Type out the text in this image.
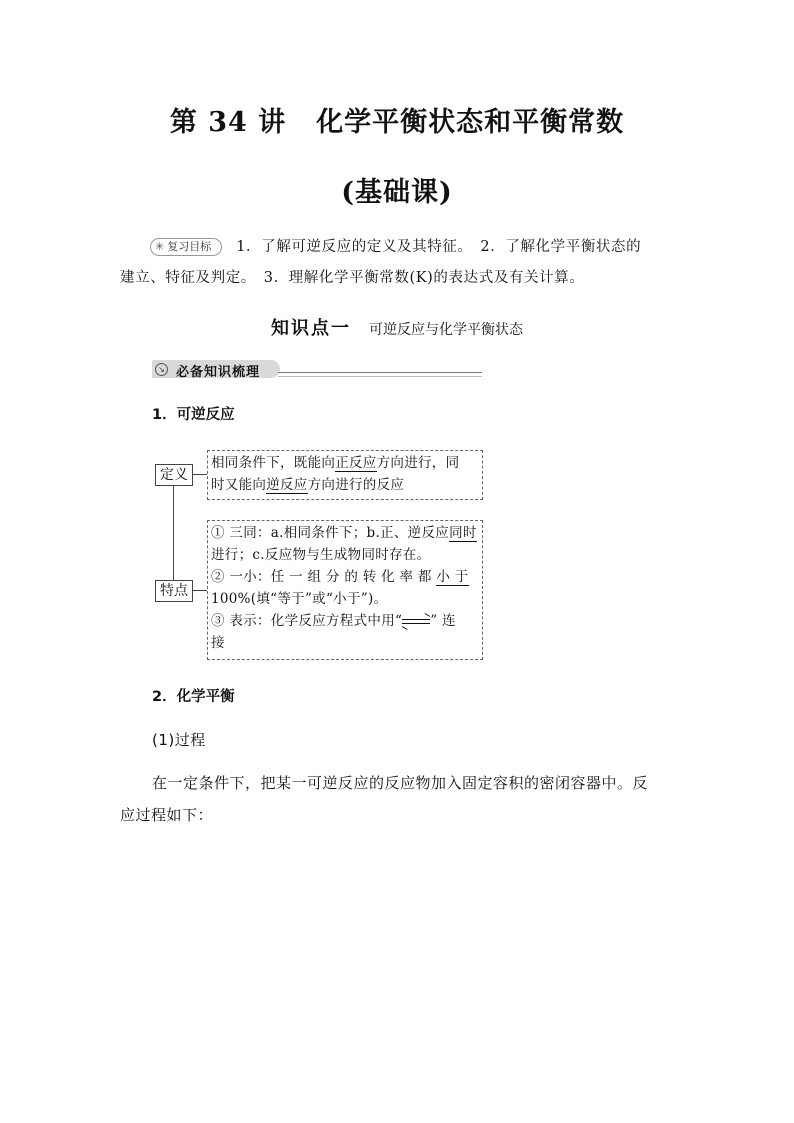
第 34 讲 化学平衡状态和平衡常数
(基础课)
✳ 复习目标 1．了解可逆反应的定义及其特征。　 2．了解化学平衡状态的
建立、特征及判定。　3．理解化学平衡常数(K)的表达式及有关计算。
知识点一 可逆反应与化学平衡状态
↘ 必备知识梳理
1．可逆反应
定义
相同条件下，既能向正反应方向进行，同
时又能向逆反应方向进行的反应
特点
① 三同：a.相同条件下；b.正、逆反应同时
进行；c.反应物与生成物同时存在。
② 一小：任 一 组 分 的 转 化 率 都 小 于
100%(填“等于”或“小于”)。
③ 表示：化学反应方程式中用“ ” 连
接
2．化学平衡
(1)过程
在一定条件下，把某一可逆反应的反应物加入固定容积的密闭容器中。反
应过程如下：
